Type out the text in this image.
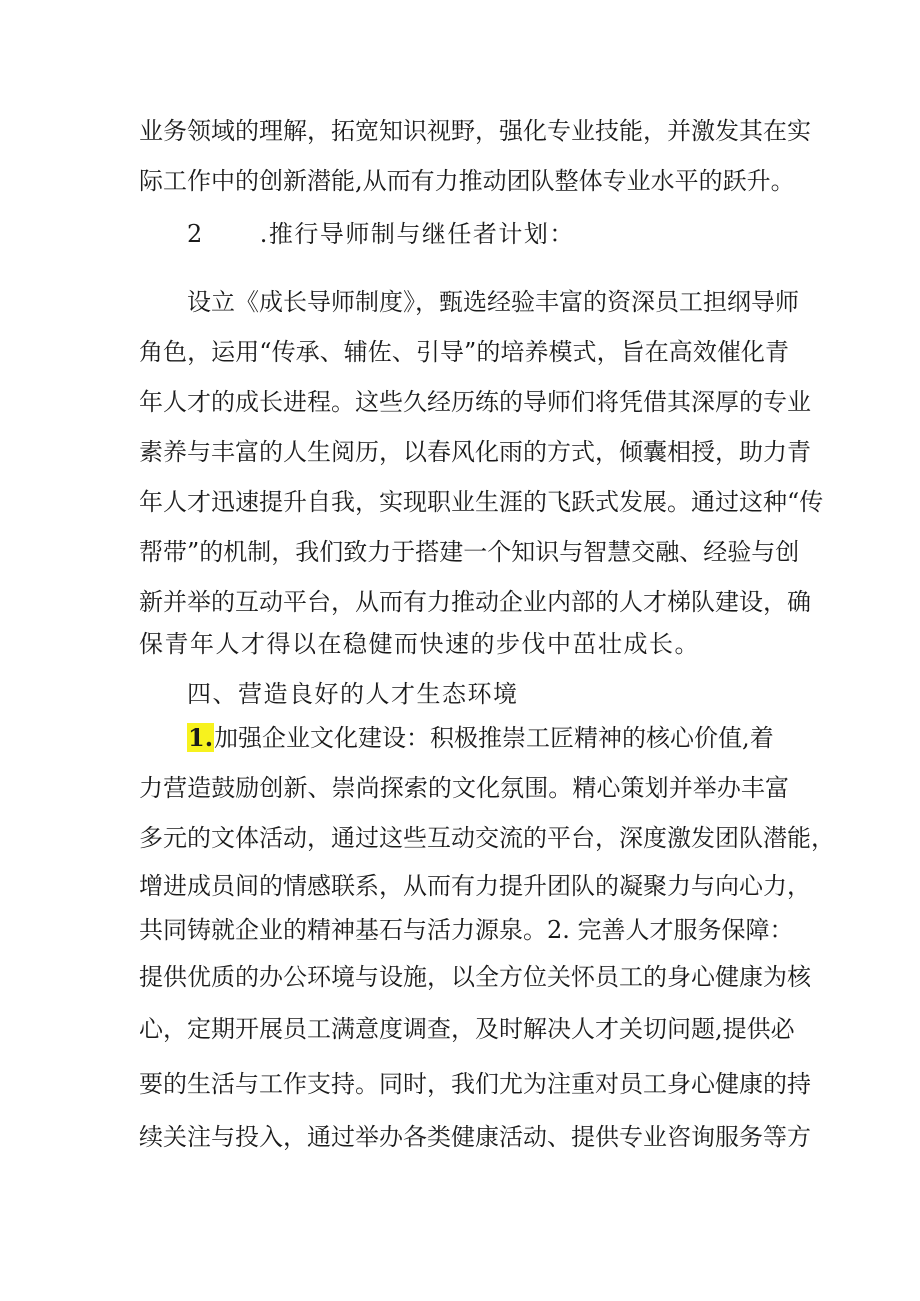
业务领域的理解，拓宽知识视野，强化专业技能，并激发其在实
际工作中的创新潜能,从而有力推动团队整体专业水平的跃升。
2 .推行导师制与继任者计划：
设立《成长导师制度》，甄选经验丰富的资深员工担纲导师
角色，运用“传承、辅佐、引导”的培养模式，旨在高效催化青
年人才的成长进程。这些久经历练的导师们将凭借其深厚的专业
素养与丰富的人生阅历，以春风化雨的方式，倾囊相授，助力青
年人才迅速提升自我，实现职业生涯的飞跃式发展。通过这种“传
帮带”的机制，我们致力于搭建一个知识与智慧交融、经验与创
新并举的互动平台，从而有力推动企业内部的人才梯队建设，确
保青年人才得以在稳健而快速的步伐中茁壮成长。
四、营造良好的人才生态环境
1.加强企业文化建设：积极推崇工匠精神的核心价值,着
力营造鼓励创新、崇尚探索的文化氛围。精心策划并举办丰富
多元的文体活动，通过这些互动交流的平台，深度激发团队潜能，
增进成员间的情感联系，从而有力提升团队的凝聚力与向心力，
共同铸就企业的精神基石与活力源泉。2. 完善人才服务保障：
提供优质的办公环境与设施，以全方位关怀员工的身心健康为核
心，定期开展员工满意度调查，及时解决人才关切问题,提供必
要的生活与工作支持。同时，我们尤为注重对员工身心健康的持
续关注与投入，通过举办各类健康活动、提供专业咨询服务等方
